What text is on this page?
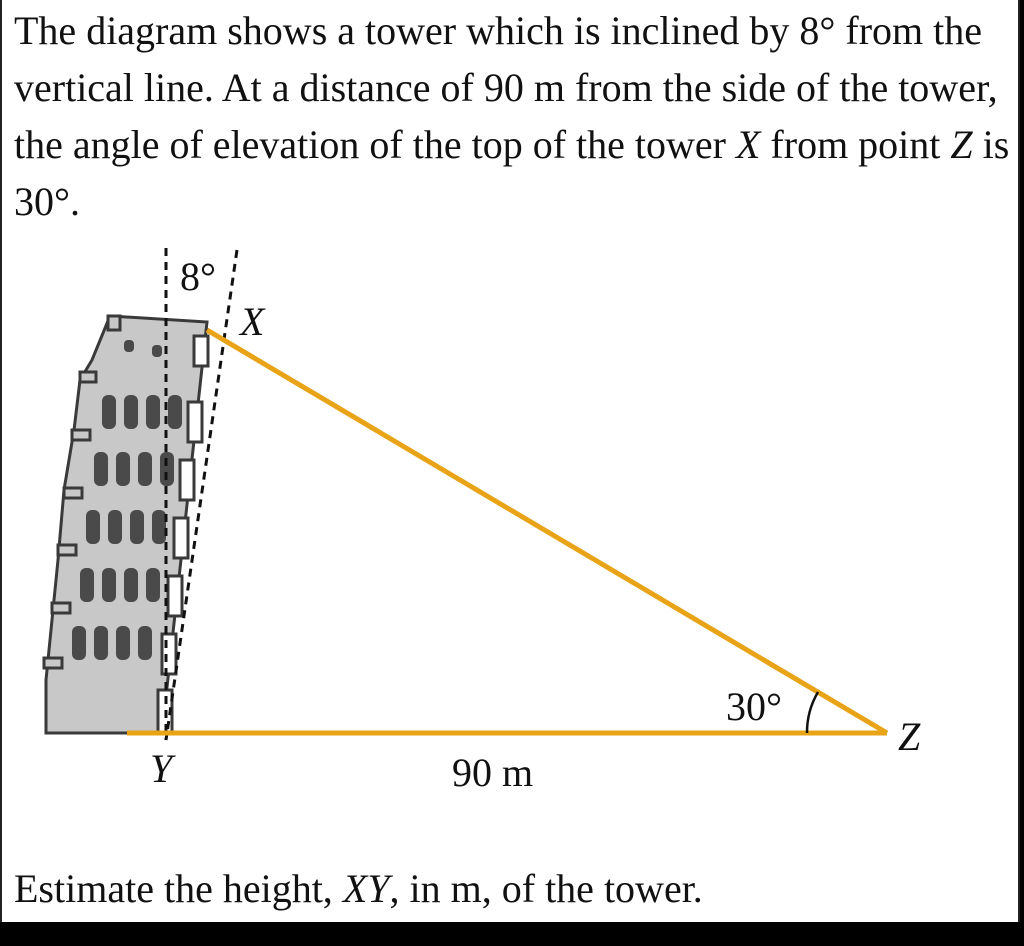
The diagram shows a tower which is inclined by 8° from the vertical line. At a distance of 90 m from the side of the tower, the angle of elevation of the top of the tower X from point Z is 30°.

8°
X
Y
Z
30°
90 m

Estimate the height, XY, in m, of the tower.
